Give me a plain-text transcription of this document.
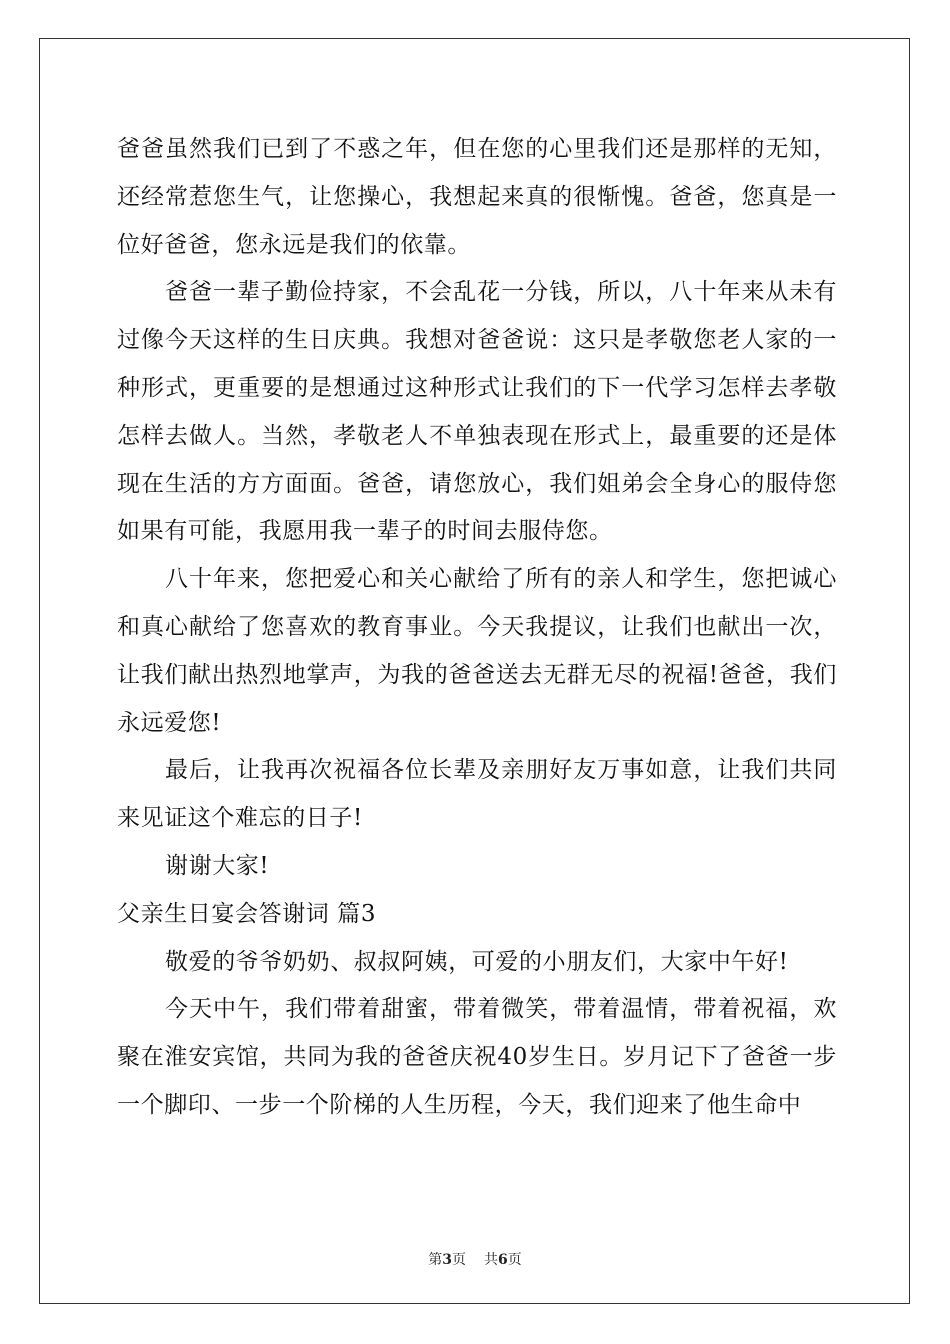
爸爸虽然我们已到了不惑之年，但在您的心里我们还是那样的无知，还经常惹您生气，让您操心，我想起来真的很惭愧。爸爸，您真是一位好爸爸，您永远是我们的依靠。

爸爸一辈子勤俭持家，不会乱花一分钱，所以，八十年来从未有过像今天这样的生日庆典。我想对爸爸说：这只是孝敬您老人家的一种形式，更重要的是想通过这种形式让我们的下一代学习怎样去孝敬怎样去做人。当然，孝敬老人不单独表现在形式上，最重要的还是体现在生活的方方面面。爸爸，请您放心，我们姐弟会全身心的服侍您如果有可能，我愿用我一辈子的时间去服侍您。

八十年来，您把爱心和关心献给了所有的亲人和学生，您把诚心和真心献给了您喜欢的教育事业。今天我提议，让我们也献出一次，让我们献出热烈地掌声，为我的爸爸送去无群无尽的祝福!爸爸，我们永远爱您!

最后，让我再次祝福各位长辈及亲朋好友万事如意，让我们共同来见证这个难忘的日子!

谢谢大家!

父亲生日宴会答谢词 篇3

敬爱的爷爷奶奶、叔叔阿姨，可爱的小朋友们，大家中午好!

今天中午，我们带着甜蜜，带着微笑，带着温情，带着祝福，欢聚在淮安宾馆，共同为我的爸爸庆祝40岁生日。岁月记下了爸爸一步一个脚印、一步一个阶梯的人生历程，今天，我们迎来了他生命中

第3页 共6页
